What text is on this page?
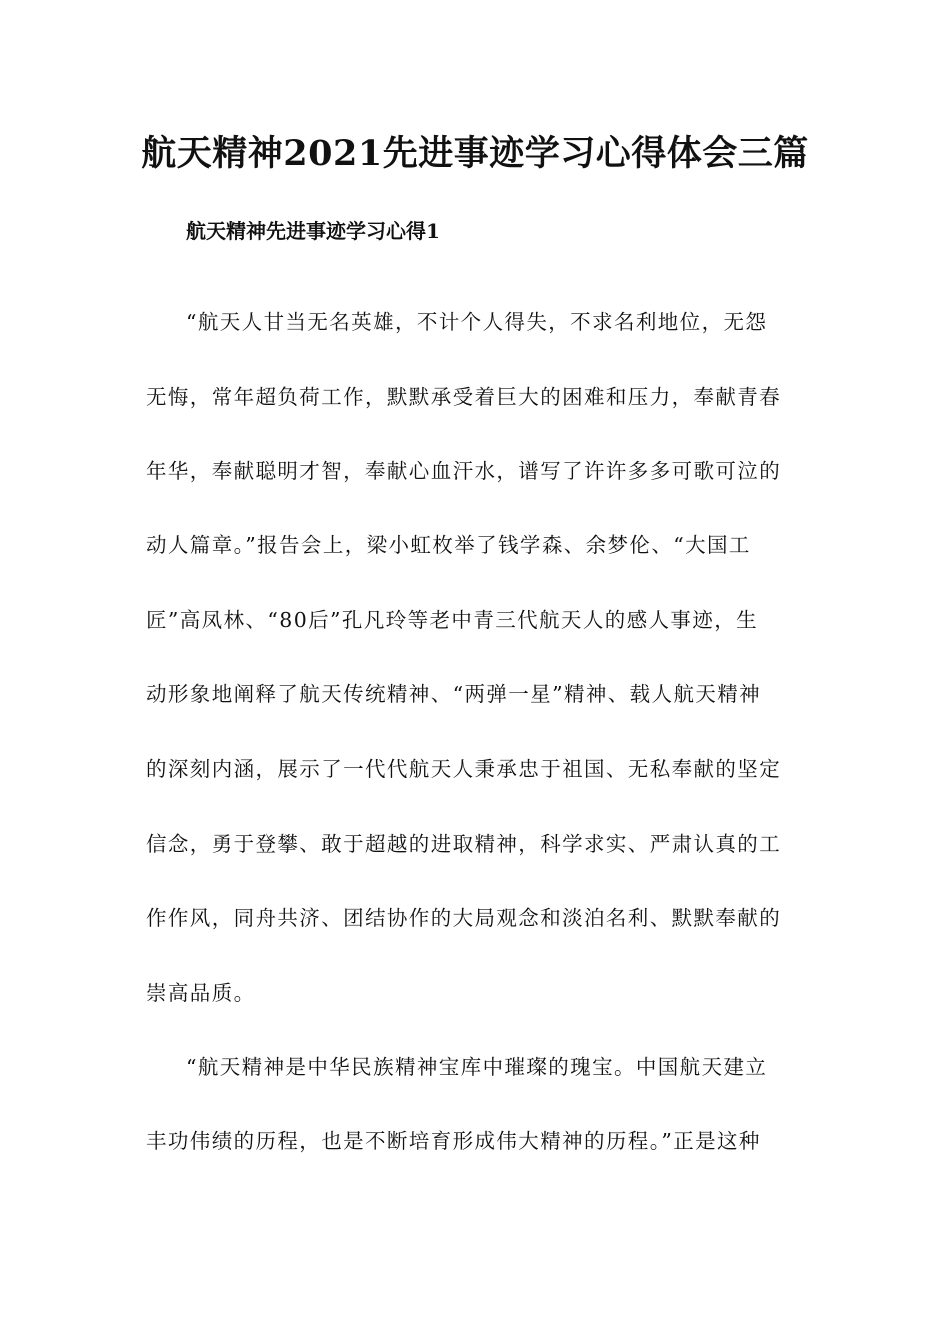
航天精神2021先进事迹学习心得体会三篇
航天精神先进事迹学习心得1
“航天人甘当无名英雄，不计个人得失，不求名利地位，无怨
无悔，常年超负荷工作，默默承受着巨大的困难和压力，奉献青春
年华，奉献聪明才智，奉献心血汗水，谱写了许许多多可歌可泣的
动人篇章。”报告会上，梁小虹枚举了钱学森、余梦伦、“大国工
匠”高凤林、“80后”孔凡玲等老中青三代航天人的感人事迹，生
动形象地阐释了航天传统精神、“两弹一星”精神、载人航天精神
的深刻内涵，展示了一代代航天人秉承忠于祖国、无私奉献的坚定
信念，勇于登攀、敢于超越的进取精神，科学求实、严肃认真的工
作作风，同舟共济、团结协作的大局观念和淡泊名利、默默奉献的
崇高品质。
“航天精神是中华民族精神宝库中璀璨的瑰宝。中国航天建立
丰功伟绩的历程，也是不断培育形成伟大精神的历程。”正是这种
